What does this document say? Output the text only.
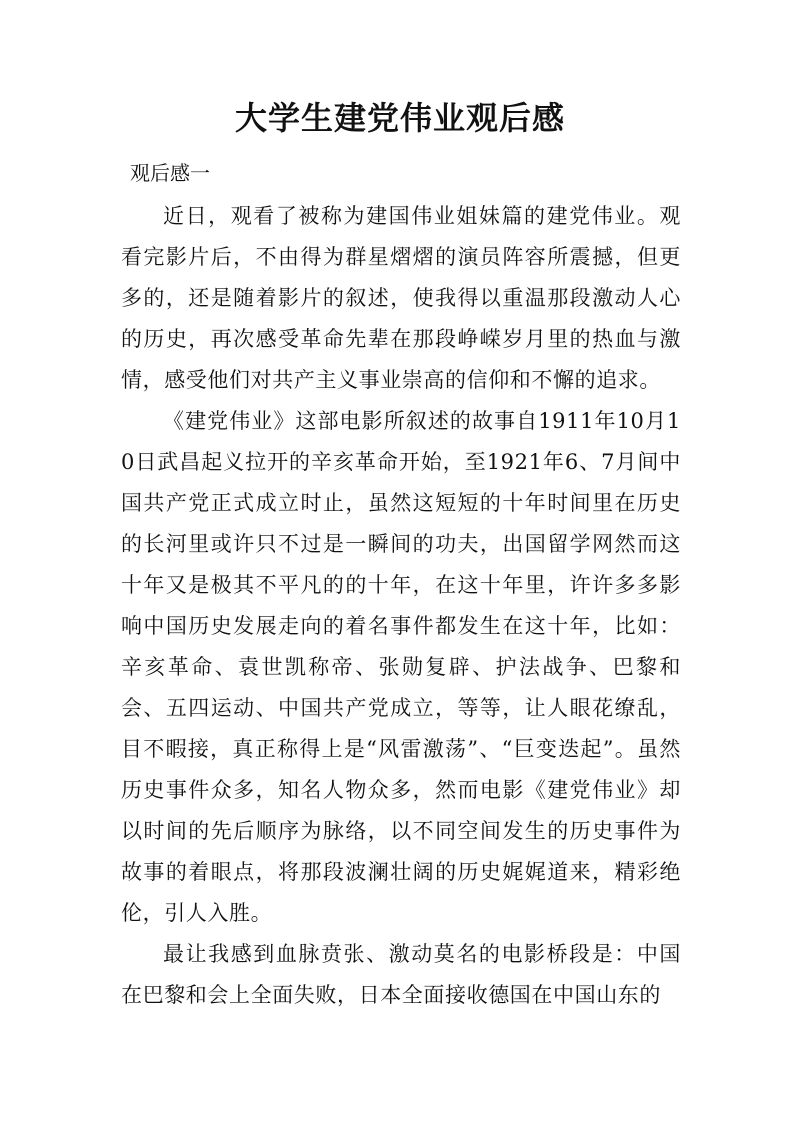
大学生建党伟业观后感
观后感一

近日，观看了被称为建国伟业姐妹篇的建党伟业。观看完影片后，不由得为群星熠熠的演员阵容所震撼，但更多的，还是随着影片的叙述，使我得以重温那段激动人心的历史，再次感受革命先辈在那段峥嵘岁月里的热血与激情，感受他们对共产主义事业崇高的信仰和不懈的追求。

《建党伟业》这部电影所叙述的故事自1911年10月10日武昌起义拉开的辛亥革命开始，至1921年6、7月间中国共产党正式成立时止，虽然这短短的十年时间里在历史的长河里或许只不过是一瞬间的功夫，出国留学网然而这十年又是极其不平凡的的十年，在这十年里，许许多多影响中国历史发展走向的着名事件都发生在这十年，比如：辛亥革命、袁世凯称帝、张勋复辟、护法战争、巴黎和会、五四运动、中国共产党成立，等等，让人眼花缭乱，目不暇接，真正称得上是“风雷激荡”、“巨变迭起”。虽然历史事件众多，知名人物众多，然而电影《建党伟业》却以时间的先后顺序为脉络，以不同空间发生的历史事件为故事的着眼点，将那段波澜壮阔的历史娓娓道来，精彩绝伦，引人入胜。

最让我感到血脉贲张、激动莫名的电影桥段是：中国在巴黎和会上全面失败，日本全面接收德国在中国山东的
